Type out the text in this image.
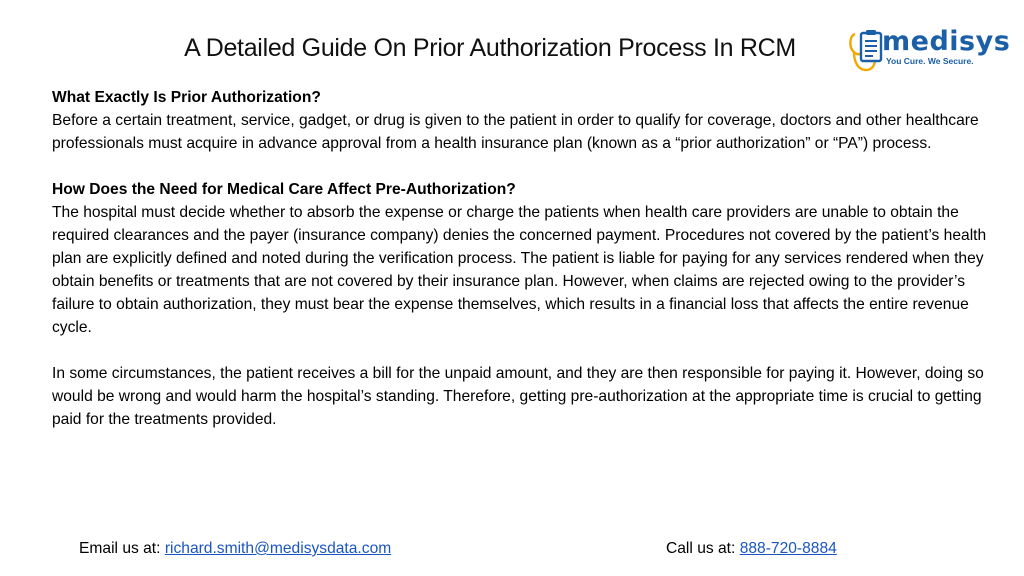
A Detailed Guide On Prior Authorization Process In RCM	medisys
You Cure. We Secure.

What Exactly Is Prior Authorization?
Before a certain treatment, service, gadget, or drug is given to the patient in order to qualify for coverage, doctors and other healthcare professionals must acquire in advance approval from a health insurance plan (known as a “prior authorization” or “PA”) process.

How Does the Need for Medical Care Affect Pre-Authorization?
The hospital must decide whether to absorb the expense or charge the patients when health care providers are unable to obtain the required clearances and the payer (insurance company) denies the concerned payment. Procedures not covered by the patient’s health plan are explicitly defined and noted during the verification process. The patient is liable for paying for any services rendered when they obtain benefits or treatments that are not covered by their insurance plan. However, when claims are rejected owing to the provider’s failure to obtain authorization, they must bear the expense themselves, which results in a financial loss that affects the entire revenue cycle.

In some circumstances, the patient receives a bill for the unpaid amount, and they are then responsible for paying it. However, doing so would be wrong and would harm the hospital’s standing. Therefore, getting pre-authorization at the appropriate time is crucial to getting paid for the treatments provided.

Email us at: richard.smith@medisysdata.com	Call us at: 888-720-8884
